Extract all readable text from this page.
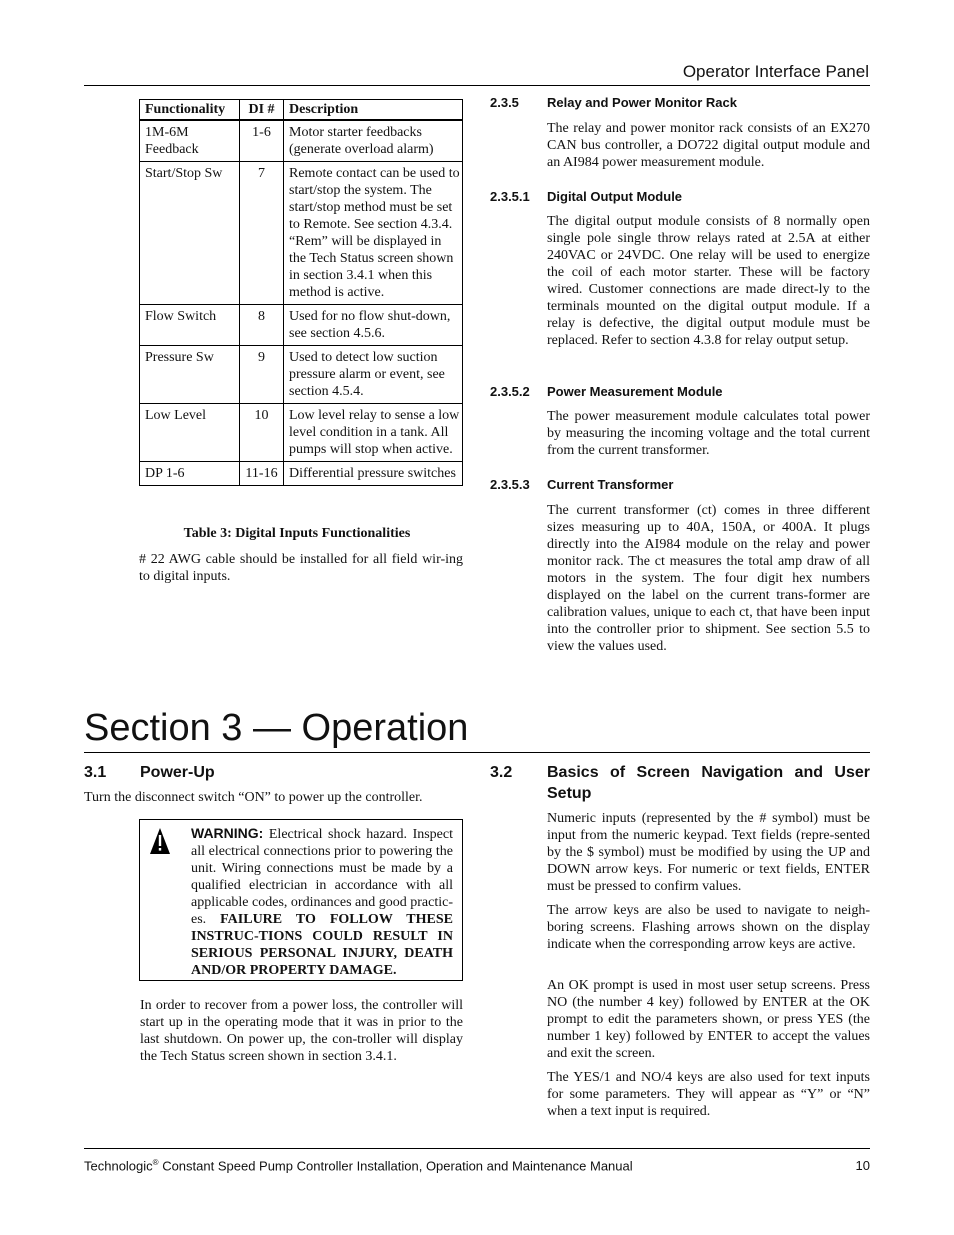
Operator Interface Panel
Functionality	DI #	Description
1M-6M Feedback	1-6	Motor starter feedbacks (generate overload alarm)
Start/Stop Sw	7	Remote contact can be used to start/stop the system. The start/stop method must be set to Remote. See section 4.3.4. “Rem” will be displayed in the Tech Status screen shown in section 3.4.1 when this method is active.
Flow Switch	8	Used for no flow shut-down, see section 4.5.6.
Pressure Sw	9	Used to detect low suction pressure alarm or event, see section 4.5.4.
Low Level	10	Low level relay to sense a low level condition in a tank. All pumps will stop when active.
DP 1-6	11-16	Differential pressure switches
Table 3: Digital Inputs Functionalities

# 22 AWG cable should be installed for all field wir-ing to digital inputs.

2.3.5 Relay and Power Monitor Rack

The relay and power monitor rack consists of an EX270 CAN bus controller, a DO722 digital output module and an AI984 power measurement module.

2.3.5.1 Digital Output Module

The digital output module consists of 8 normally open single pole single throw relays rated at 2.5A at either 240VAC or 24VDC. One relay will be used to energize the coil of each motor starter. These will be factory wired. Customer connections are made direct-ly to the terminals mounted on the digital output module. If a relay is defective, the digital output module must be replaced. Refer to section 4.3.8 for relay output setup.

2.3.5.2 Power Measurement Module

The power measurement module calculates total power by measuring the incoming voltage and the total current from the current transformer.

2.3.5.3 Current Transformer

The current transformer (ct) comes in three different sizes measuring up to 40A, 150A, or 400A. It plugs directly into the AI984 module on the relay and power monitor rack. The ct measures the total amp draw of all motors in the system. The four digit hex numbers displayed on the label on the current trans-former are calibration values, unique to each ct, that have been input into the controller prior to shipment. See section 5.5 to view the values used.

Section 3 — Operation
3.1 Power-Up

Turn the disconnect switch “ON” to power up the controller.

WARNING: Electrical shock hazard. Inspect all electrical connections prior to powering the unit. Wiring connections must be made by a qualified electrician in accordance with all applicable codes, ordinances and good practic-es. FAILURE TO FOLLOW THESE INSTRUC-TIONS COULD RESULT IN SERIOUS PERSONAL INJURY, DEATH AND/OR PROPERTY DAMAGE.

In order to recover from a power loss, the controller will start up in the operating mode that it was in prior to the last shutdown. On power up, the con-troller will display the Tech Status screen shown in section 3.4.1.

3.2 Basics of Screen Navigation and User Setup

Numeric inputs (represented by the # symbol) must be input from the numeric keypad. Text fields (repre-sented by the $ symbol) must be modified by using the UP and DOWN arrow keys. For numeric or text fields, ENTER must be pressed to confirm values.

The arrow keys are also be used to navigate to neigh-boring screens. Flashing arrows shown on the display indicate when the corresponding arrow keys are active.

An OK prompt is used in most user setup screens. Press NO (the number 4 key) followed by ENTER at the OK prompt to edit the parameters shown, or press YES (the number 1 key) followed by ENTER to accept the values and exit the screen.

The YES/1 and NO/4 keys are also used for text inputs for some parameters. They will appear as “Y” or “N” when a text input is required.

Technologic® Constant Speed Pump Controller Installation, Operation and Maintenance Manual	10
